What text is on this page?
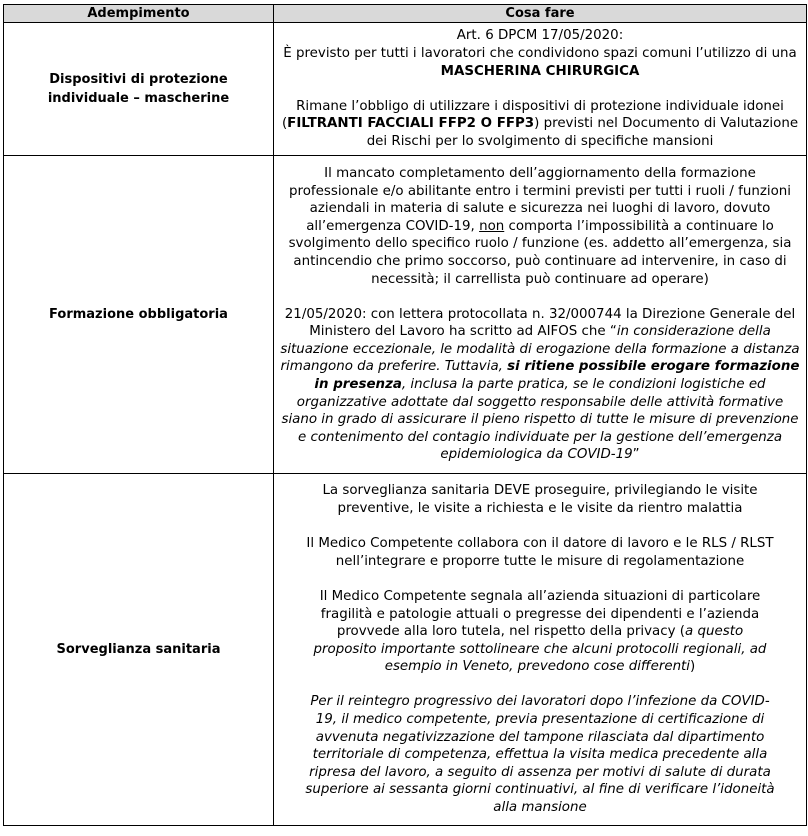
Adempimento	Cosa fare

Dispositivi di protezione individuale – mascherine	Art. 6 DPCM 17/05/2020:
È previsto per tutti i lavoratori che condividono spazi comuni l’utilizzo di una MASCHERINA CHIRURGICA

Rimane l’obbligo di utilizzare i dispositivi di protezione individuale idonei (FILTRANTI FACCIALI FFP2 O FFP3) previsti nel Documento di Valutazione dei Rischi per lo svolgimento di specifiche mansioni

Formazione obbligatoria	Il mancato completamento dell’aggiornamento della formazione professionale e/o abilitante entro i termini previsti per tutti i ruoli / funzioni aziendali in materia di salute e sicurezza nei luoghi di lavoro, dovuto all’emergenza COVID-19, non comporta l’impossibilità a continuare lo svolgimento dello specifico ruolo / funzione (es. addetto all’emergenza, sia antincendio che primo soccorso, può continuare ad intervenire, in caso di necessità; il carrellista può continuare ad operare)

21/05/2020: con lettera protocollata n. 32/000744 la Direzione Generale del Ministero del Lavoro ha scritto ad AIFOS che “in considerazione della situazione eccezionale, le modalità di erogazione della formazione a distanza rimangono da preferire. Tuttavia, si ritiene possibile erogare formazione in presenza, inclusa la parte pratica, se le condizioni logistiche ed organizzative adottate dal soggetto responsabile delle attività formative siano in grado di assicurare il pieno rispetto di tutte le misure di prevenzione e contenimento del contagio individuate per la gestione dell’emergenza epidemiologica da COVID-19”

Sorveglianza sanitaria	La sorveglianza sanitaria DEVE proseguire, privilegiando le visite preventive, le visite a richiesta e le visite da rientro malattia

Il Medico Competente collabora con il datore di lavoro e le RLS / RLST nell’integrare e proporre tutte le misure di regolamentazione

Il Medico Competente segnala all’azienda situazioni di particolare fragilità e patologie attuali o pregresse dei dipendenti e l’azienda provvede alla loro tutela, nel rispetto della privacy (a questo proposito importante sottolineare che alcuni protocolli regionali, ad esempio in Veneto, prevedono cose differenti)

Per il reintegro progressivo dei lavoratori dopo l’infezione da COVID-19, il medico competente, previa presentazione di certificazione di avvenuta negativizzazione del tampone rilasciata dal dipartimento territoriale di competenza, effettua la visita medica precedente alla ripresa del lavoro, a seguito di assenza per motivi di salute di durata superiore ai sessanta giorni continuativi, al fine di verificare l’idoneità alla mansione
